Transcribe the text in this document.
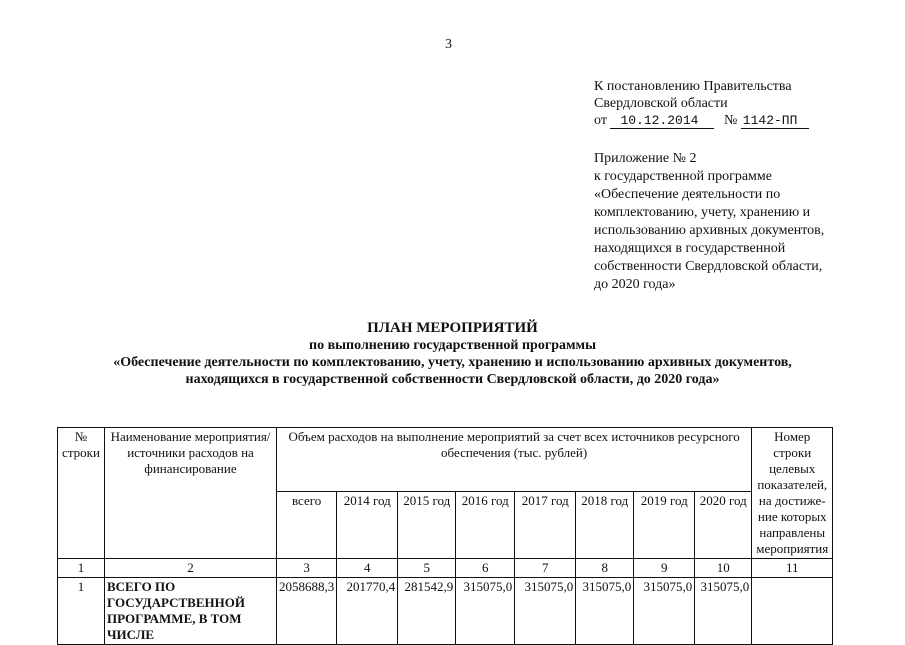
3
К постановлению Правительства
Свердловской области
от 10.12.2014 № 1142-ПП
Приложение № 2
к государственной программе
«Обеспечение деятельности по
комплектованию, учету, хранению и
использованию архивных документов,
находящихся в государственной
собственности Свердловской области,
до 2020 года»
ПЛАН МЕРОПРИЯТИЙ
по выполнению государственной программы
«Обеспечение деятельности по комплектованию, учету, хранению и использованию архивных документов,
находящихся в государственной собственности Свердловской области, до 2020 года»
№ строки	Наименование мероприятия/ источники расходов на финансирование	Объем расходов на выполнение мероприятий за счет всех источников ресурсного обеспечения (тыс. рублей)								Номер строки целевых показателей, на достиже- ние которых направлены мероприятия
		всего	2014 год	2015 год	2016 год	2017 год	2018 год	2019 год	2020 год	
1	2	3	4	5	6	7	8	9	10	11
1	ВСЕГО ПО ГОСУДАРСТВЕННОЙ ПРОГРАММЕ, В ТОМ ЧИСЛЕ	2058688,3	201770,4	281542,9	315075,0	315075,0	315075,0	315075,0	315075,0	
